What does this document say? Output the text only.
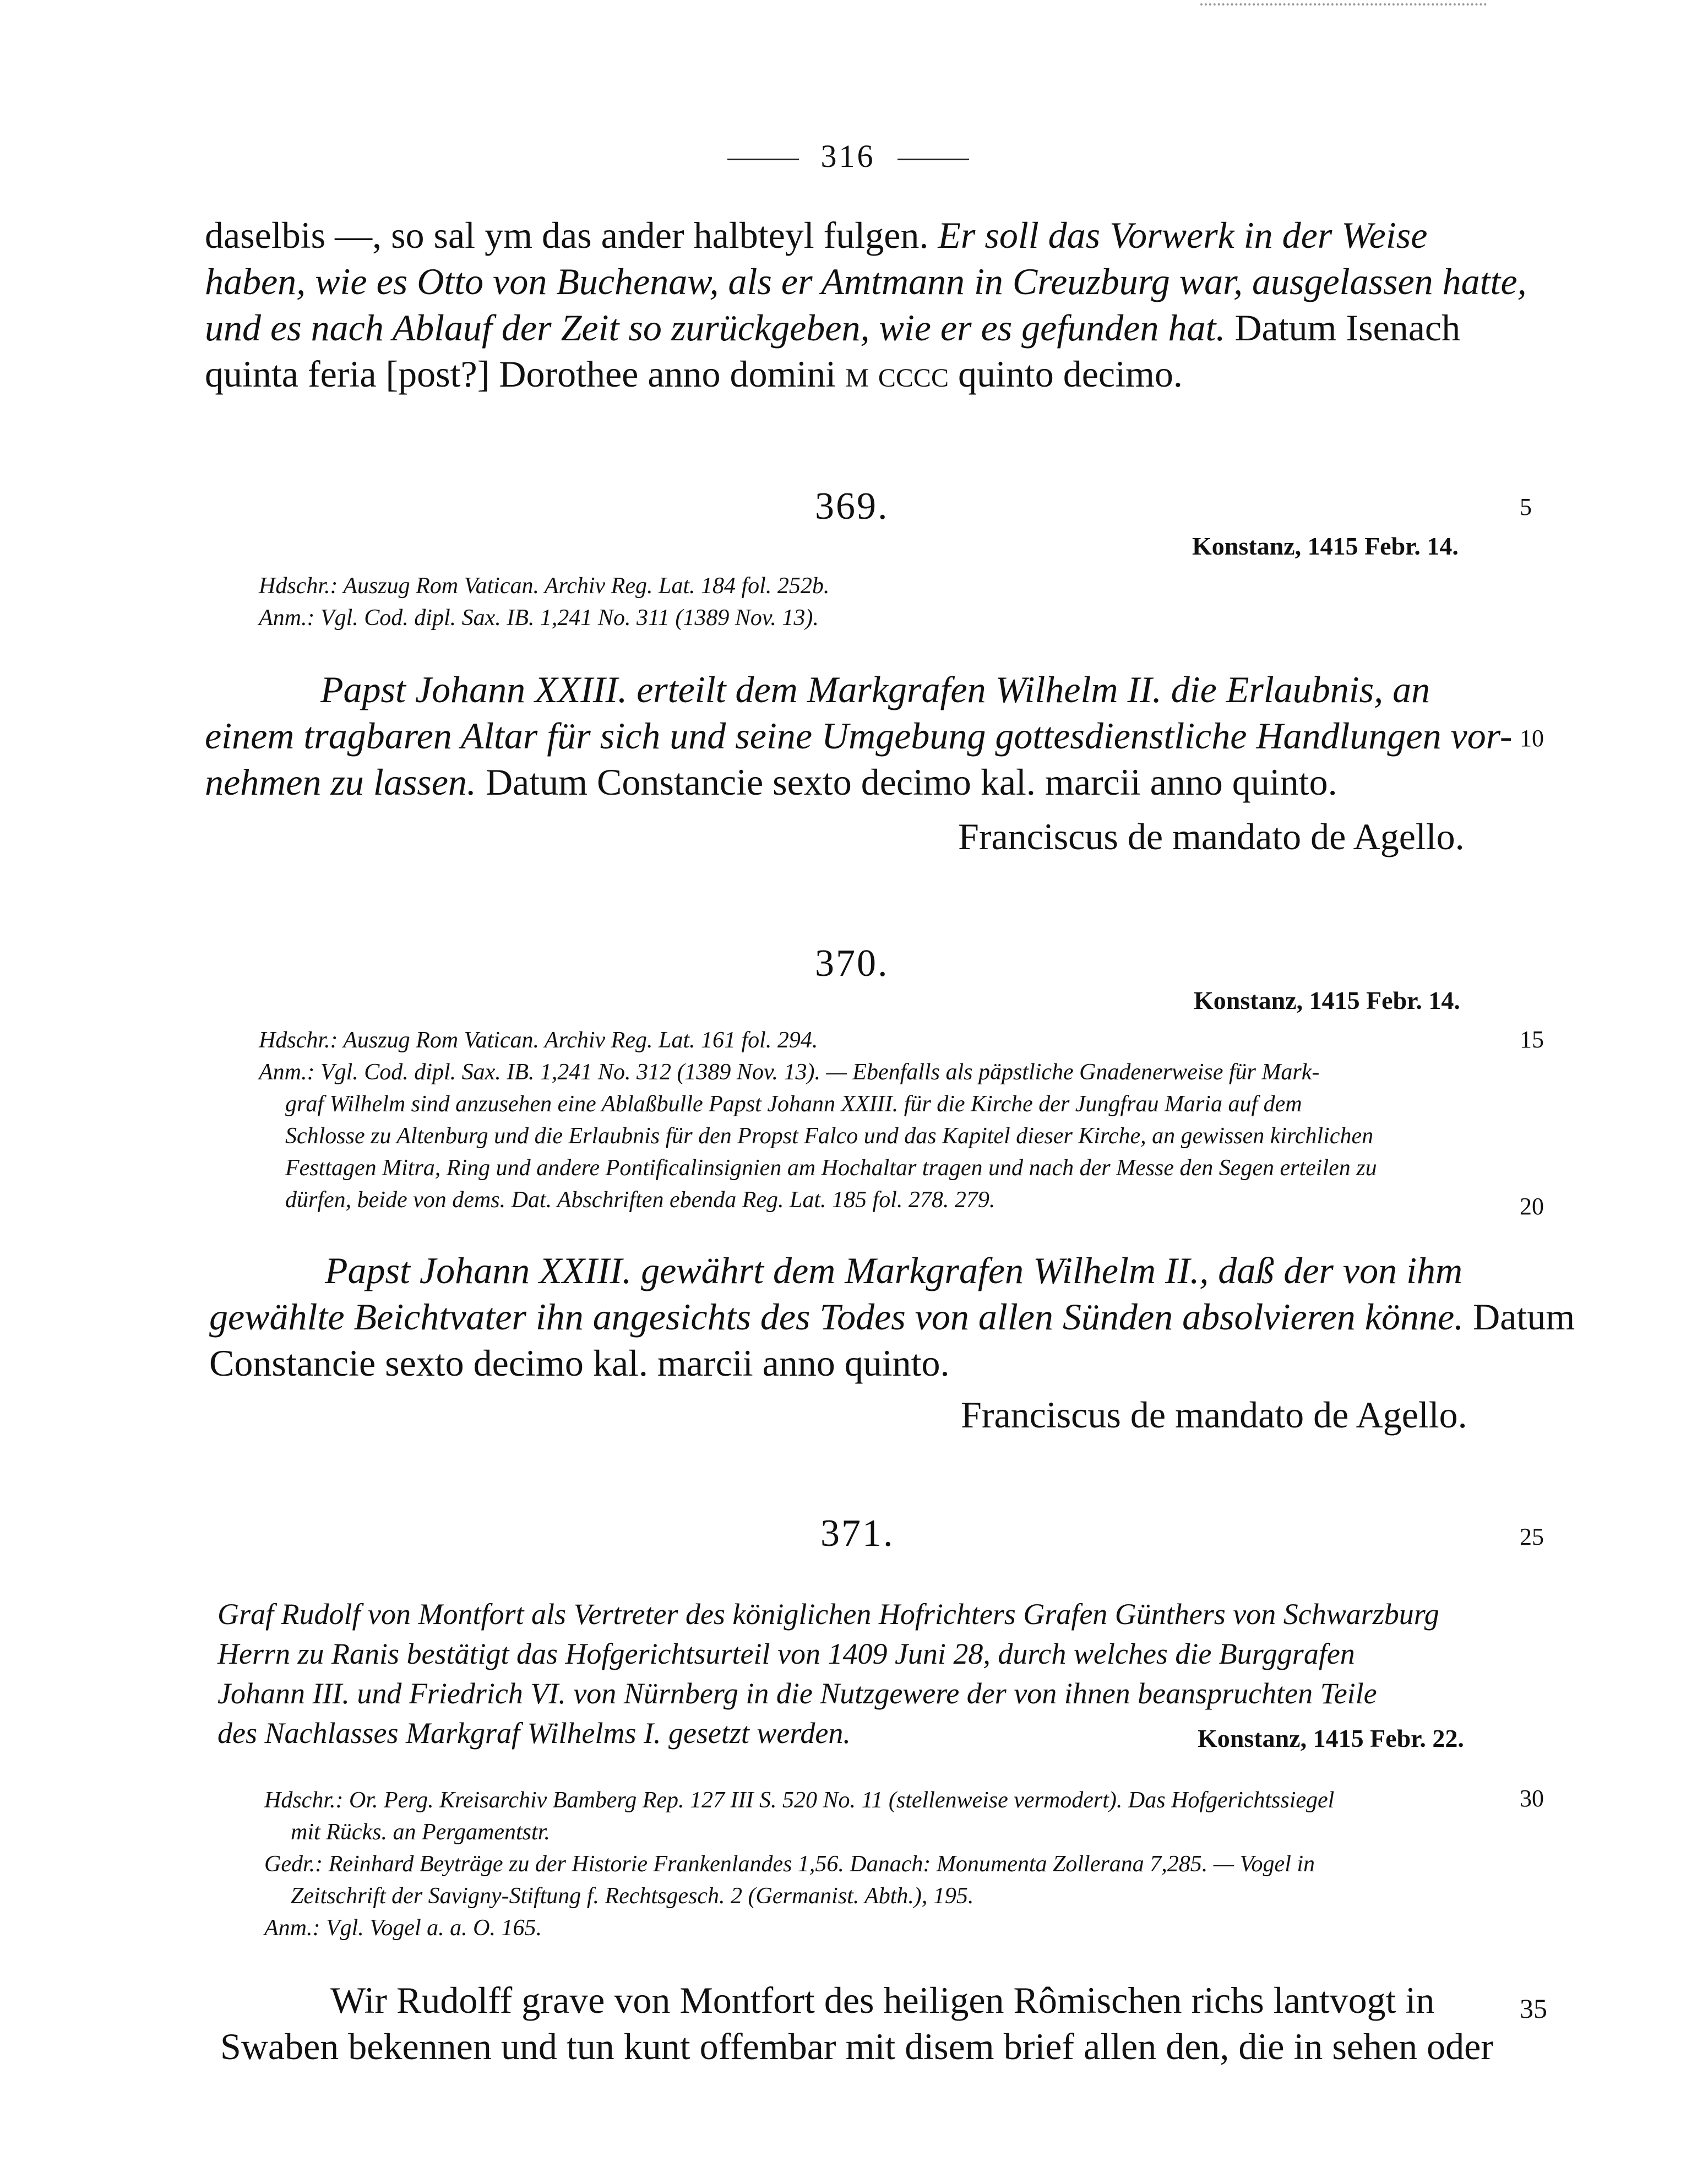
316
daselbis —, so sal ym das ander halbteyl fulgen. Er soll das Vorwerk in der Weise
haben, wie es Otto von Buchenaw, als er Amtmann in Creuzburg war, ausgelassen hatte,
und es nach Ablauf der Zeit so zurückgeben, wie er es gefunden hat. Datum Isenach
quinta feria [post?] Dorothee anno domini m cccc quinto decimo.
369.
Konstanz, 1415 Febr. 14.

Hdschr.: Auszug Rom Vatican. Archiv Reg. Lat. 184 fol. 252b.

Anm.: Vgl. Cod. dipl. Sax. IB. 1,241 No. 311 (1389 Nov. 13).

Papst Johann XXIII. erteilt dem Markgrafen Wilhelm II. die Erlaubnis, an
einem tragbaren Altar für sich und seine Umgebung gottesdienstliche Handlungen vor-
nehmen zu lassen. Datum Constancie sexto decimo kal. marcii anno quinto.
Franciscus de mandato de Agello.
370.
Konstanz, 1415 Febr. 14.

Hdschr.: Auszug Rom Vatican. Archiv Reg. Lat. 161 fol. 294.

Anm.: Vgl. Cod. dipl. Sax. IB. 1,241 No. 312 (1389 Nov. 13). — Ebenfalls als päpstliche Gnadenerweise für Mark-

graf Wilhelm sind anzusehen eine Ablaßbulle Papst Johann XXIII. für die Kirche der Jungfrau Maria auf dem

Schlosse zu Altenburg und die Erlaubnis für den Propst Falco und das Kapitel dieser Kirche, an gewissen kirchlichen

Festtagen Mitra, Ring und andere Pontificalinsignien am Hochaltar tragen und nach der Messe den Segen erteilen zu

dürfen, beide von dems. Dat. Abschriften ebenda Reg. Lat. 185 fol. 278. 279.

Papst Johann XXIII. gewährt dem Markgrafen Wilhelm II., daß der von ihm
gewählte Beichtvater ihn angesichts des Todes von allen Sünden absolvieren könne. Datum
Constancie sexto decimo kal. marcii anno quinto.
Franciscus de mandato de Agello.
371.
Graf Rudolf von Montfort als Vertreter des königlichen Hofrichters Grafen Günthers von Schwarzburg
Herrn zu Ranis bestätigt das Hofgerichtsurteil von 1409 Juni 28, durch welches die Burggrafen
Johann III. und Friedrich VI. von Nürnberg in die Nutzgewere der von ihnen beanspruchten Teile
des Nachlasses Markgraf Wilhelms I. gesetzt werden.	Konstanz, 1415 Febr. 22.

Hdschr.: Or. Perg. Kreisarchiv Bamberg Rep. 127 III S. 520 No. 11 (stellenweise vermodert). Das Hofgerichtssiegel

mit Rücks. an Pergamentstr.

Gedr.: Reinhard Beyträge zu der Historie Frankenlandes 1,56. Danach: Monumenta Zollerana 7,285. — Vogel in

Zeitschrift der Savigny-Stiftung f. Rechtsgesch. 2 (Germanist. Abth.), 195.

Anm.: Vgl. Vogel a. a. O. 165.

Wir Rudolff grave von Montfort des heiligen Rômischen richs lantvogt in
Swaben bekennen und tun kunt offembar mit disem brief allen den, die in sehen oder
5
10
15
20
25
30
35
